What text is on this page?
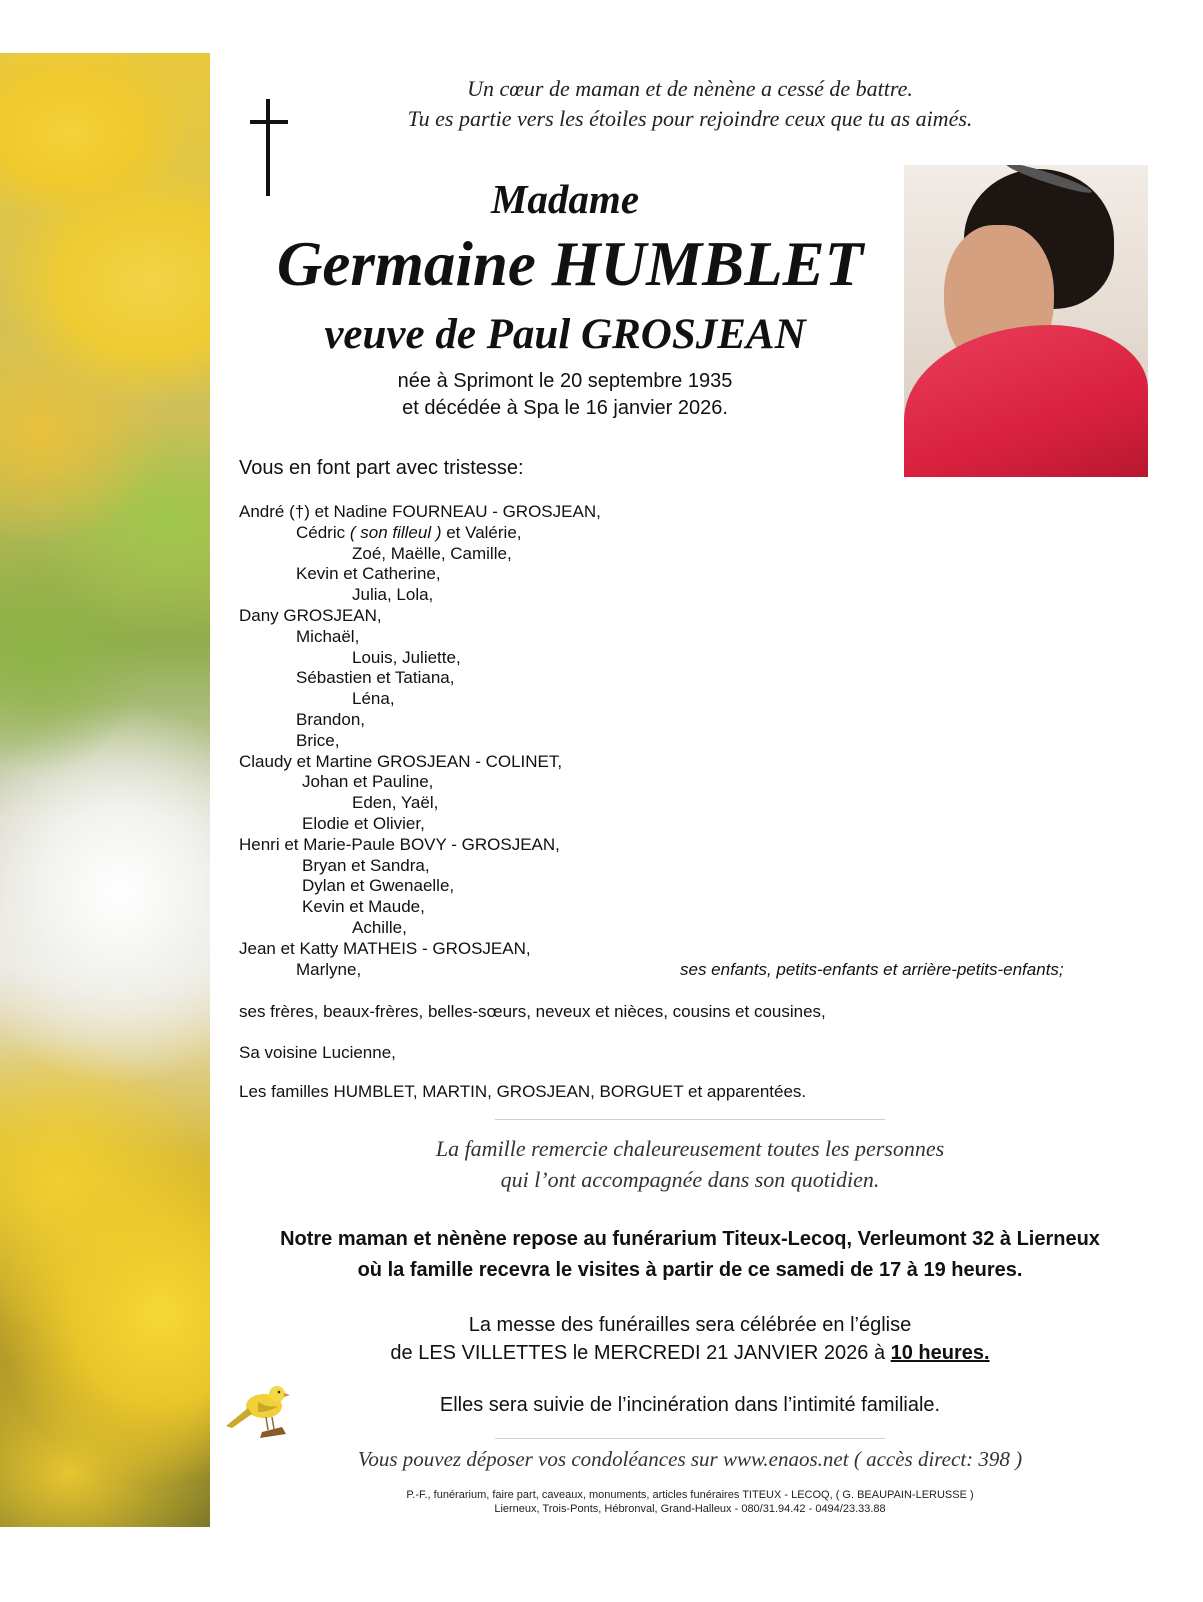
Un cœur de maman et de nènène a cessé de battre.
Tu es partie vers les étoiles pour rejoindre ceux que tu as aimés.
Madame
Germaine HUMBLET
veuve de Paul GROSJEAN
née à Sprimont le 20 septembre 1935
et décédée à Spa le 16 janvier 2026.
Vous en font part avec tristesse:
André (†) et Nadine FOURNEAU - GROSJEAN,
Cédric ( son filleul ) et Valérie,
Zoé, Maëlle, Camille,
Kevin et Catherine,
Julia, Lola,
Dany GROSJEAN,
Michaël,
Louis, Juliette,
Sébastien et Tatiana,
Léna,
Brandon,
Brice,
Claudy et Martine GROSJEAN - COLINET,
Johan et Pauline,
Eden, Yaël,
Elodie et Olivier,
Henri et Marie-Paule BOVY - GROSJEAN,
Bryan et Sandra,
Dylan et Gwenaelle,
Kevin et Maude,
Achille,
Jean et Katty MATHEIS - GROSJEAN,
Marlyne,	ses enfants, petits-enfants et arrière-petits-enfants;
ses frères, beaux-frères, belles-sœurs, neveux et nièces, cousins et cousines,
Sa voisine Lucienne,
Les familles HUMBLET, MARTIN, GROSJEAN, BORGUET et apparentées.
La famille remercie chaleureusement toutes les personnes
qui l’ont accompagnée dans son quotidien.
Notre maman et nènène repose au funérarium Titeux-Lecoq, Verleumont 32 à Lierneux
où la famille recevra le visites à partir de ce samedi de 17 à 19 heures.
La messe des funérailles sera célébrée en l’église
de LES VILLETTES le MERCREDI 21 JANVIER 2026 à 10 heures.
Elles sera suivie de l’incinération dans l’intimité familiale.
Vous pouvez déposer vos condoléances sur www.enaos.net ( accès direct: 398 )
P.-F., funérarium, faire part, caveaux, monuments, articles funéraires TITEUX - LECOQ, ( G. BEAUPAIN-LERUSSE )
Lierneux, Trois-Ponts, Hébronval, Grand-Halleux - 080/31.94.42 - 0494/23.33.88
